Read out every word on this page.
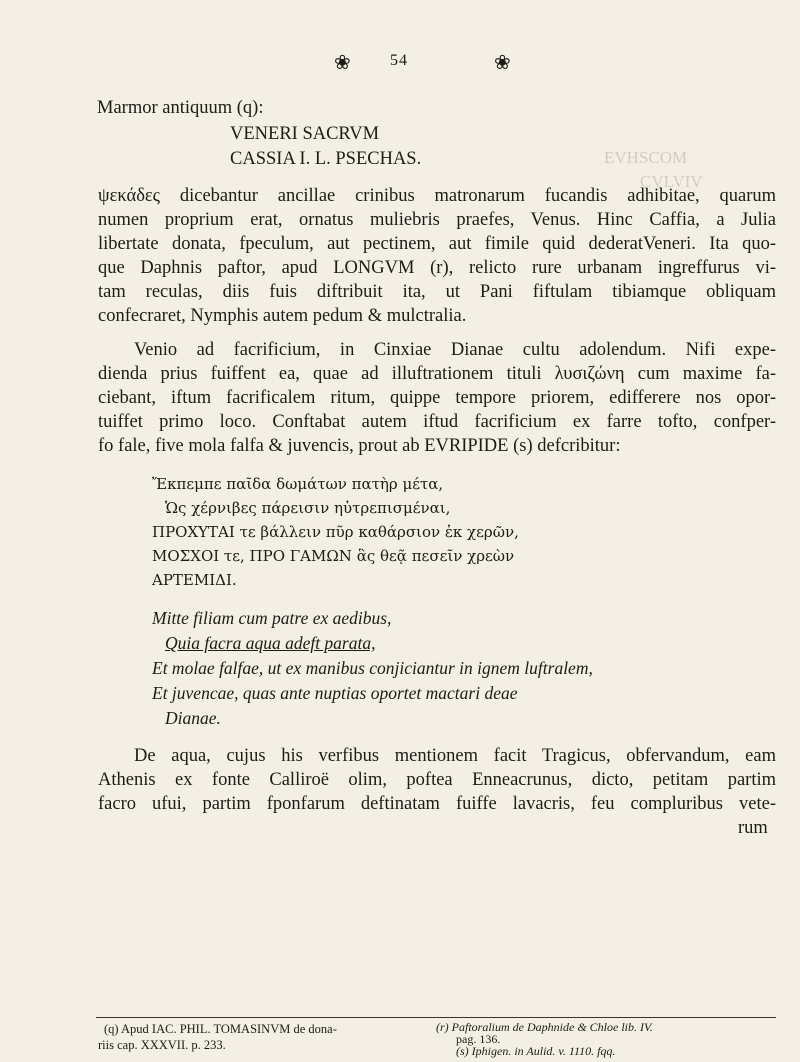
❀ 54	❀
EVHSCOM
CVLVIV
Marmor antiquum (q):
VENERI SACRVM
CASSIA I. L. PSECHAS.
ψεκάδες dicebantur ancillae crinibus matronarum fucandis adhibitae, quarum
numen proprium erat, ornatus muliebris praefes, Venus. Hinc Caffia, a Julia
libertate donata, fpeculum, aut pectinem, aut fimile quid dederatVeneri. Ita quo-
que Daphnis paftor, apud LONGVM (r), relicto rure urbanam ingreffurus vi-
tam reculas, diis fuis diftribuit ita, ut Pani fiftulam tibiamque obliquam
confecraret, Nymphis autem pedum & mulctralia.
Venio ad facrificium, in Cinxiae Dianae cultu adolendum. Nifi expe-
dienda prius fuiffent ea, quae ad illuftrationem tituli λυσιζώνη cum maxime fa-
ciebant, iftum facrificalem ritum, quippe tempore priorem, edifferere nos opor-
tuiffet primo loco. Conftabat autem iftud facrificium ex farre tofto, confper-
fo fale, five mola falfa & juvencis, prout ab EVRIPIDE (s) defcribitur:
Ἔκπεμπε παῖδα δωμάτων πατὴρ μέτα,
Ὡς χέρνιβες πάρεισιν ηὐτρεπισμέναι,
ΠΡΟΧΥΤΑΙ τε βάλλειν πῦρ καθάρσιον ἐκ χερῶν,
ΜΟΣΧΟΙ τε, ΠΡΟ ΓΑΜΩΝ ἃς θεᾷ πεσεῖν χρεὼν
ΑΡΤΕΜΙΔΙ.
Mitte filiam cum patre ex aedibus,
Quia facra aqua adeft parata,
Et molae falfae, ut ex manibus conjiciantur in ignem luftralem,
Et juvencae, quas ante nuptias oportet mactari deae
Dianae.
De aqua, cujus his verfibus mentionem facit Tragicus, obfervandum, eam
Athenis ex fonte Calliroë olim, poftea Enneacrunus, dicto, petitam partim
facro ufui, partim fponfarum deftinatam fuiffe lavacris, feu compluribus vete-
rum
(q) Apud IAC. PHIL. TOMASINVM de dona-
riis cap. XXXVII. p. 233.
(r) Paftoralium de Daphnide & Chloe lib. IV.
pag. 136.
(s) Iphigen. in Aulid. v. 1110. fqq.
